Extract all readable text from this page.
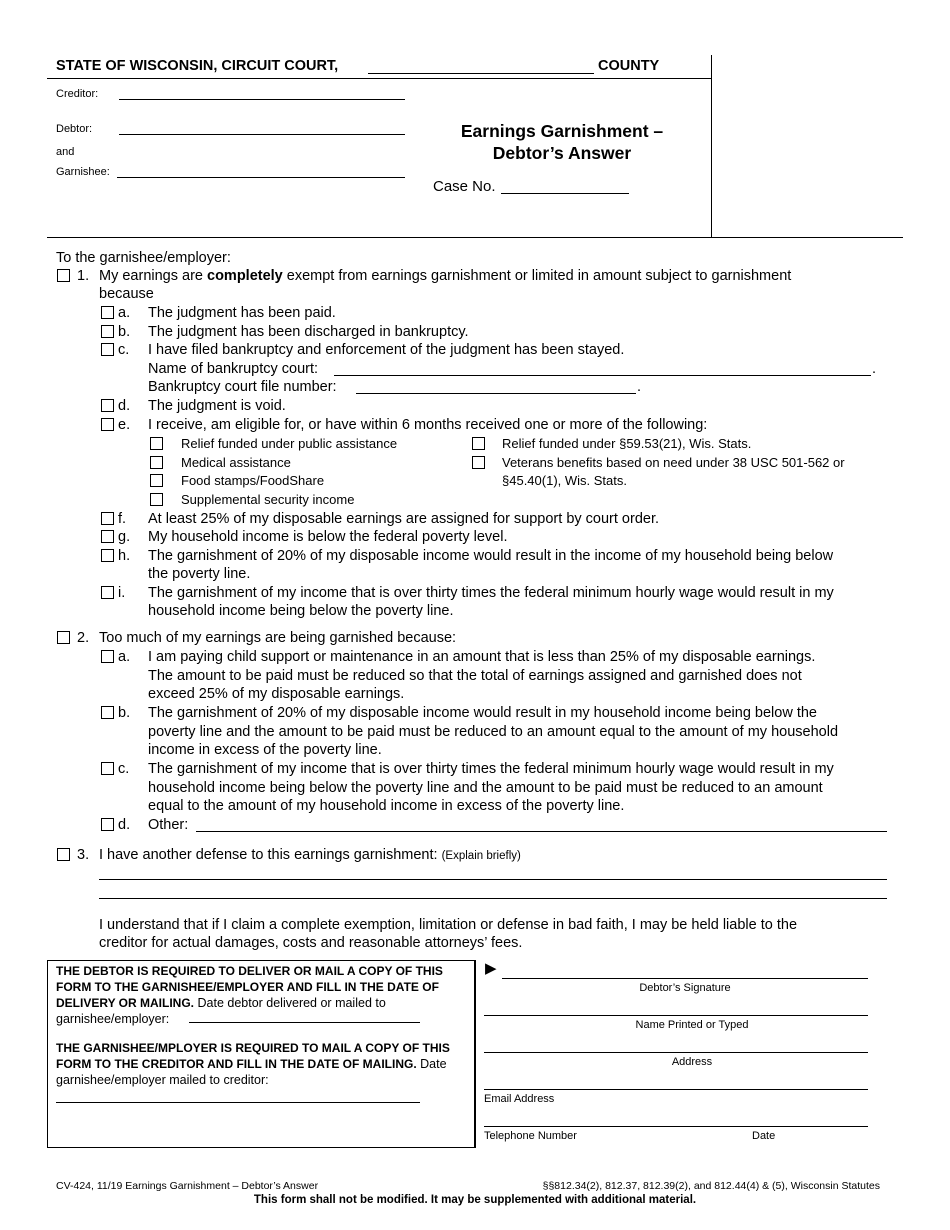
STATE OF WISCONSIN, CIRCUIT COURT,	COUNTY
Creditor:
Debtor:
and
Garnishee:
Earnings Garnishment –
Debtor’s Answer
Case No.
To the garnishee/employer:
1. My earnings are completely exempt from earnings garnishment or limited in amount subject to garnishment
because
a. The judgment has been paid.
b. The judgment has been discharged in bankruptcy.
c. I have filed bankruptcy and enforcement of the judgment has been stayed.
Name of bankruptcy court:	.
Bankruptcy court file number:	.
d. The judgment is void.
e. I receive, am eligible for, or have within 6 months received one or more of the following:
Relief funded under public assistance
Medical assistance
Food stamps/FoodShare
Supplemental security income
Relief funded under §59.53(21), Wis. Stats.
Veterans benefits based on need under 38 USC 501-562 or
§45.40(1), Wis. Stats.
f. At least 25% of my disposable earnings are assigned for support by court order.
g. My household income is below the federal poverty level.
h. The garnishment of 20% of my disposable income would result in the income of my household being below
the poverty line.
i. The garnishment of my income that is over thirty times the federal minimum hourly wage would result in my
household income being below the poverty line.
2. Too much of my earnings are being garnished because:
a. I am paying child support or maintenance in an amount that is less than 25% of my disposable earnings.
The amount to be paid must be reduced so that the total of earnings assigned and garnished does not
exceed 25% of my disposable earnings.
b. The garnishment of 20% of my disposable income would result in my household income being below the
poverty line and the amount to be paid must be reduced to an amount equal to the amount of my household
income in excess of the poverty line.
c. The garnishment of my income that is over thirty times the federal minimum hourly wage would result in my
household income being below the poverty line and the amount to be paid must be reduced to an amount
equal to the amount of my household income in excess of the poverty line.
d. Other:
3. I have another defense to this earnings garnishment: (Explain briefly)
I understand that if I claim a complete exemption, limitation or defense in bad faith, I may be held liable to the
creditor for actual damages, costs and reasonable attorneys’ fees.
THE DEBTOR IS REQUIRED TO DELIVER OR MAIL A COPY OF THIS
FORM TO THE GARNISHEE/EMPLOYER AND FILL IN THE DATE OF
DELIVERY OR MAILING. Date debtor delivered or mailed to
garnishee/employer:
THE GARNISHEE/MPLOYER IS REQUIRED TO MAIL A COPY OF THIS
FORM TO THE CREDITOR AND FILL IN THE DATE OF MAILING. Date
garnishee/employer mailed to creditor:
▶
Debtor’s Signature
Name Printed or Typed
Address
Email Address
Telephone Number	Date
CV-424, 11/19 Earnings Garnishment – Debtor’s Answer	§§812.34(2), 812.37, 812.39(2), and 812.44(4) & (5), Wisconsin Statutes
This form shall not be modified. It may be supplemented with additional material.
